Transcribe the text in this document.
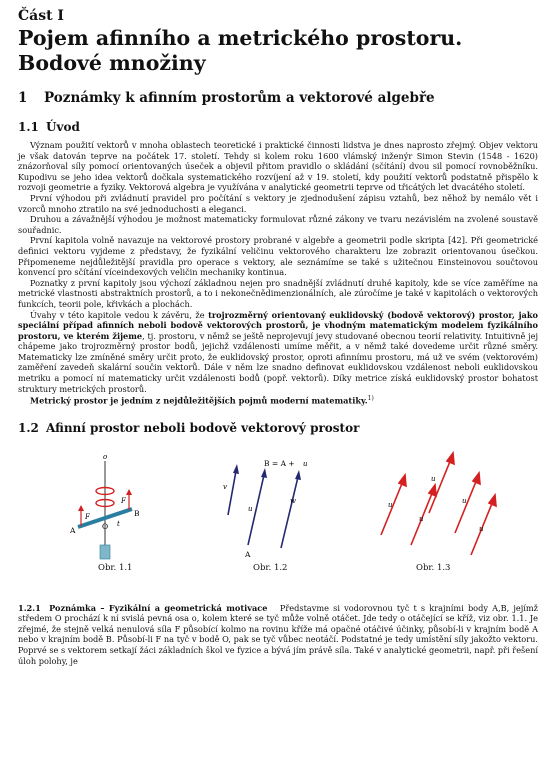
Část I
Pojem afinního a metrického prostoru.
Bodové množiny
1 Poznámky k afinním prostorům a vektorové algebře
1.1 Úvod

Význam použití vektorů v mnoha oblastech teoretické i praktické činnosti lidstva je dnes naprosto zřejmý. Objev vektoru je však datován teprve na počátek 17. století. Tehdy si kolem roku 1600 vlámský inženýr Simon Stevin (1548 - 1620) znázorňoval síly pomocí orientovaných úseček a objevil přitom pravidlo o skládání (sčítání) dvou sil pomocí rovnoběžníku. Kupodivu se jeho idea vektorů dočkala systematického rozvíjení až v 19. století, kdy použití vektorů podstatně přispělo k rozvoji geometrie a fyziky. Vektorová algebra je využívána v analytické geometrii teprve od třicátých let dvacátého století.

První výhodou při zvládnutí pravidel pro počítání s vektory je zjednodušení zápisu vztahů, bez něhož by nemálo vět i vzorců mnoho ztratilo na své jednoduchosti a eleganci.

Druhou a závažnější výhodou je možnost matematicky formulovat různé zákony ve tvaru nezávislém na zvolené soustavě souřadnic.

První kapitola volně navazuje na vektorové prostory probrané v algebře a geometrii podle skripta [42]. Při geometrické definici vektoru vyjdeme z představy, že fyzikální veličinu vektorového charakteru lze zobrazit orientovanou úsečkou. Připomeneme nejdůležitější pravidla pro operace s vektory, ale seznámíme se také s užitečnou Einsteinovou součtovou konvencí pro sčítání víceindexových veličin mechaniky kontinua.

Poznatky z první kapitoly jsou výchozí základnou nejen pro snadnější zvládnutí druhé kapitoly, kde se více zaměříme na metrické vlastnosti abstraktních prostorů, a to i nekonečnědimenzionálních, ale zúročíme je také v kapitolách o vektorových funkcích, teorii pole, křivkách a plochách.

Úvahy v této kapitole vedou k závěru, že trojrozměrný orientovaný euklidovský (bodově vektorový) prostor, jako speciální případ afinních neboli bodově vektorových prostorů, je vhodným matematickým modelem fyzikálního prostoru, ve kterém žijeme, tj. prostoru, v němž se ještě neprojevují jevy studované obecnou teorií relativity. Intuitivně jej chápeme jako trojrozměrný prostor bodů, jejichž vzdálenosti umíme měřit, a v němž také dovedeme určit různé směry. Matematicky lze zmíněné směry určit proto, že euklidovský prostor, oproti afinnímu prostoru, má už ve svém (vektorovém) zaměření zavedeň skalární součin vektorů. Dále v něm lze snadno definovat euklidovskou vzdálenost neboli euklidovskou metriku a pomocí ní matematicky určit vzdálenosti bodů (popř. vektorů). Díky metrice získá euklidovský prostor bohatost struktury metrických prostorů.

Metrický prostor je jedním z nejdůležitějších pojmů moderní matematiky.$^{1)}$

1.2 Afinní prostor neboli bodově vektorový prostor
o
A	O
B
t
F
F
Obr. 1.1
A
B = A + u
v
u
w
Obr. 1.2
u
u
u
u
u
Obr. 1.3

1.2.1 Poznámka – Fyzikální a geometrická motivace Představme si vodorovnou tyč t s krajními body A,B, jejímž středem O prochází k ní svislá pevná osa o, kolem které se tyč může volně otáčet. Jde tedy o otáčející se kříž, viz obr. 1.1. Je zřejmé, že stejně velká nenulová síla F působící kolmo na rovinu kříže má opačné otáčivé účinky, působí-li v krajním bodě A nebo v krajním bodě B. Působí-li F na tyč v bodě O, pak se tyč vůbec neotáčí. Podstatné je tedy umístění síly jakožto vektoru. Poprvé se s vektorem setkají žáci základních škol ve fyzice a bývá jím právě síla. Také v analytické geometrii, např. při řešení úloh polohy, je
